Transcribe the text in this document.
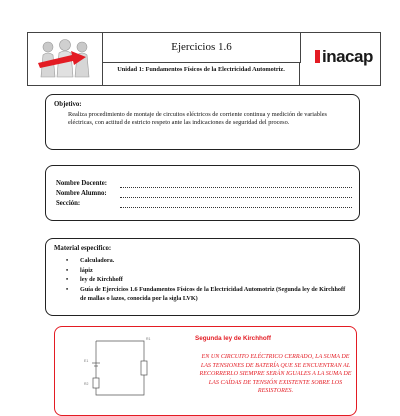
Ejercicios 1.6
Unidad 1: Fundamentos Físicos de la Electricidad Automotriz.
inacap
Objetivo:
Realiza procedimiento de montaje de circuitos eléctricos de corriente continua y medición de variables eléctricas, con actitud de estricto respeto ante las indicaciones de seguridad del proceso.
Nombre Docente:
Nombre Alumno:
Sección:
Material especifico:
• Calculadora.
• lápiz
• ley de Kirchhoff
• Guía de Ejercicios 1.6 Fundamentos Físicos de la Electricidad Automotriz (Segunda ley de Kirchhoff de mallas o lazos, conocida por la sigla LVK)
R1
E1
R2
Segunda ley de Kirchhoff
EN UN CIRCUITO ELÉCTRICO CERRADO, LA SUMA DE LAS TENSIONES DE BATERÍA QUE SE ENCUENTRAN AL RECORRERLO SIEMPRE SERÁN IGUALES A LA SUMA DE LAS CAÍDAS DE TENSIÓN EXISTENTE SOBRE LOS RESISTORES.
